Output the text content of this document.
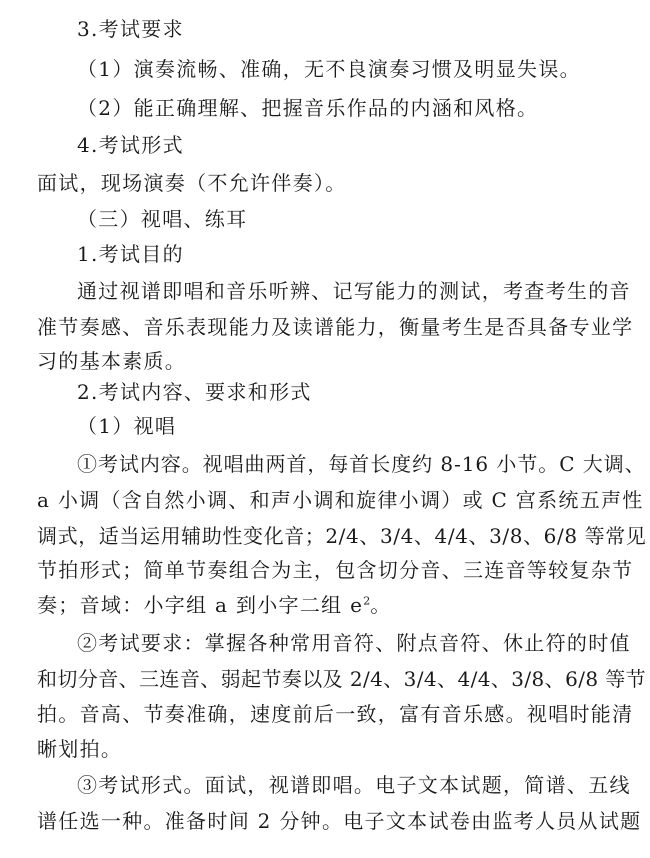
3.考试要求
（1）演奏流畅、准确，无不良演奏习惯及明显失误。
（2）能正确理解、把握音乐作品的内涵和风格。
4.考试形式
面试，现场演奏（不允许伴奏）。
（三）视唱、练耳
1.考试目的
通过视谱即唱和音乐听辨、记写能力的测试，考查考生的音
准节奏感、音乐表现能力及读谱能力，衡量考生是否具备专业学
习的基本素质。
2.考试内容、要求和形式
（1）视唱
①考试内容。视唱曲两首，每首长度约 8-16 小节。C 大调、
a 小调（含自然小调、和声小调和旋律小调）或 C 宫系统五声性
调式，适当运用辅助性变化音；2/4、3/4、4/4、3/8、6/8 等常见
节拍形式；简单节奏组合为主，包含切分音、三连音等较复杂节
奏；音域：小字组 a 到小字二组 $e^2$。
②考试要求：掌握各种常用音符、附点音符、休止符的时值
和切分音、三连音、弱起节奏以及 2/4、3/4、4/4、3/8、6/8 等节
拍。音高、节奏准确，速度前后一致，富有音乐感。视唱时能清
晰划拍。
③考试形式。面试，视谱即唱。电子文本试题，简谱、五线
谱任选一种。准备时间 2 分钟。电子文本试卷由监考人员从试题
